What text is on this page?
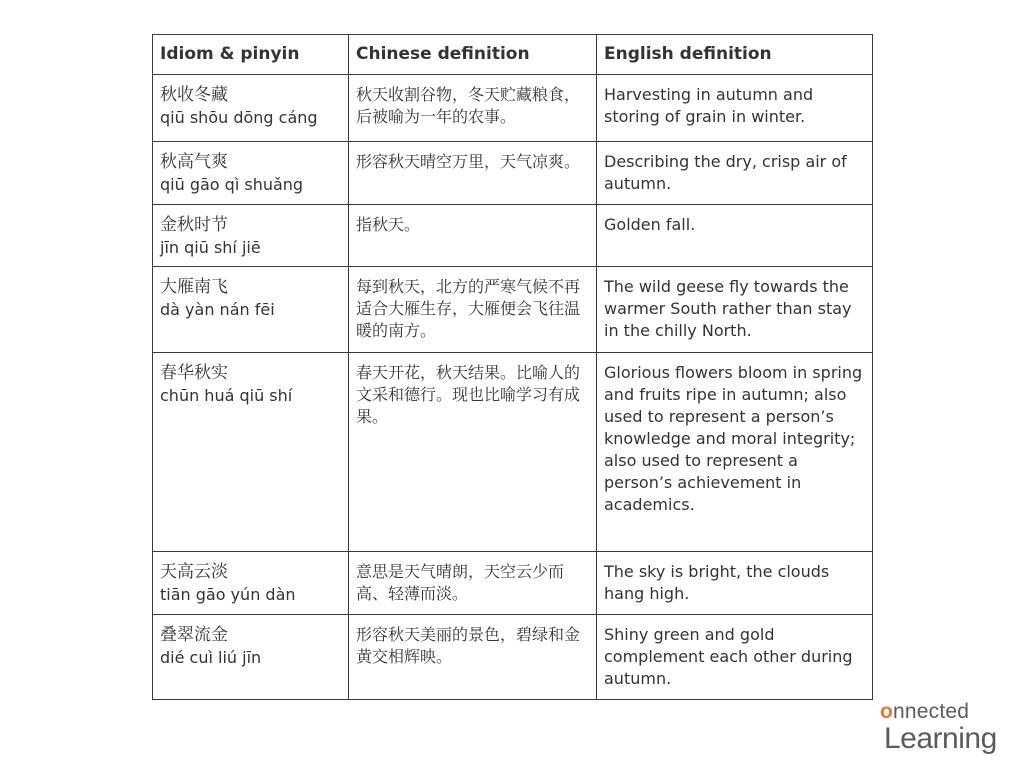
Idiom & pinyin	Chinese definition	English definition

秋收冬藏
qiū shōu dōng cáng	秋天收割谷物，冬天贮藏粮食，后被喻为一年的农事。	Harvesting in autumn and storing of grain in winter.

秋高气爽
qiū gāo qì shuǎng	形容秋天晴空万里，天气凉爽。	Describing the dry, crisp air of autumn.

金秋时节
jīn qiū shí jiē	指秋天。	Golden fall.

大雁南飞
dà yàn nán fēi	每到秋天，北方的严寒气候不再适合大雁生存，大雁便会飞往温暖的南方。	The wild geese fly towards the warmer South rather than stay in the chilly North.

春华秋实
chūn huá qiū shí	春天开花，秋天结果。比喻人的文采和德行。现也比喻学习有成果。	Glorious flowers bloom in spring and fruits ripe in autumn; also used to represent a person’s knowledge and moral integrity; also used to represent a person’s achievement in academics.

天高云淡
tiān gāo yún dàn	意思是天气晴朗，天空云少而高、轻薄而淡。	The sky is bright, the clouds hang high.

叠翠流金
dié cuì liú jīn	形容秋天美丽的景色，碧绿和金黄交相辉映。	Shiny green and gold complement each other during autumn.
onnected
Learning
